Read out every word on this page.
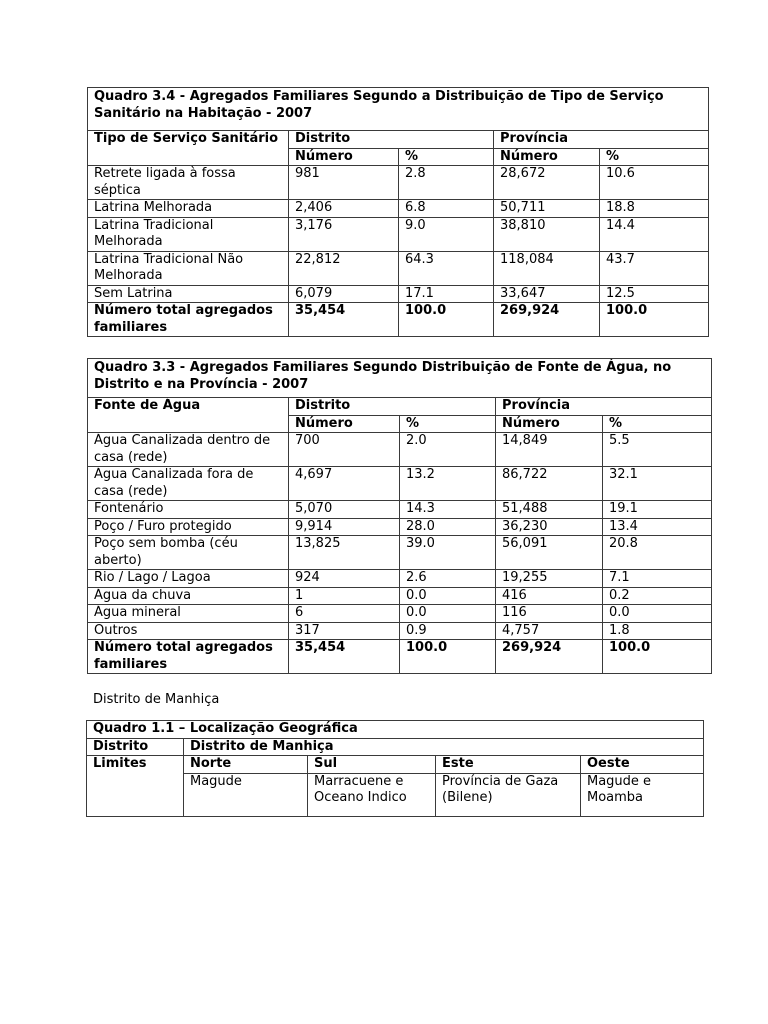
Quadro 3.4 - Agregados Familiares Segundo a Distribuição de Tipo de Serviço Sanitário na Habitação - 2007				
Tipo de Serviço Sanitário	Distrito		Província	
	Número	%	Número	%
Retrete ligada à fossa séptica	981	2.8	28,672	10.6
Latrina Melhorada	2,406	6.8	50,711	18.8
Latrina Tradicional Melhorada	3,176	9.0	38,810	14.4
Latrina Tradicional Não Melhorada	22,812	64.3	118,084	43.7
Sem Latrina	6,079	17.1	33,647	12.5
Número total agregados familiares	35,454	100.0	269,924	100.0
Quadro 3.3 - Agregados Familiares Segundo Distribuição de Fonte de Água, no Distrito e na Província - 2007				
Fonte de Água	Distrito		Província	
	Número	%	Número	%
Água Canalizada dentro de casa (rede)	700	2.0	14,849	5.5
Água Canalizada fora de casa (rede)	4,697	13.2	86,722	32.1
Fontenário	5,070	14.3	51,488	19.1
Poço / Furo protegido	9,914	28.0	36,230	13.4
Poço sem bomba (céu aberto)	13,825	39.0	56,091	20.8
Rio / Lago / Lagoa	924	2.6	19,255	7.1
Água da chuva	1	0.0	416	0.2
Água mineral	6	0.0	116	0.0
Outros	317	0.9	4,757	1.8
Número total agregados familiares	35,454	100.0	269,924	100.0
Distrito de Manhiça
Quadro 1.1 – Localização Geográfica				
Distrito	Distrito de Manhiça			
Limites	Norte	Sul	Este	Oeste
	Magude	Marracuene e Oceano Indico	Província de Gaza (Bilene)	Magude e Moamba
